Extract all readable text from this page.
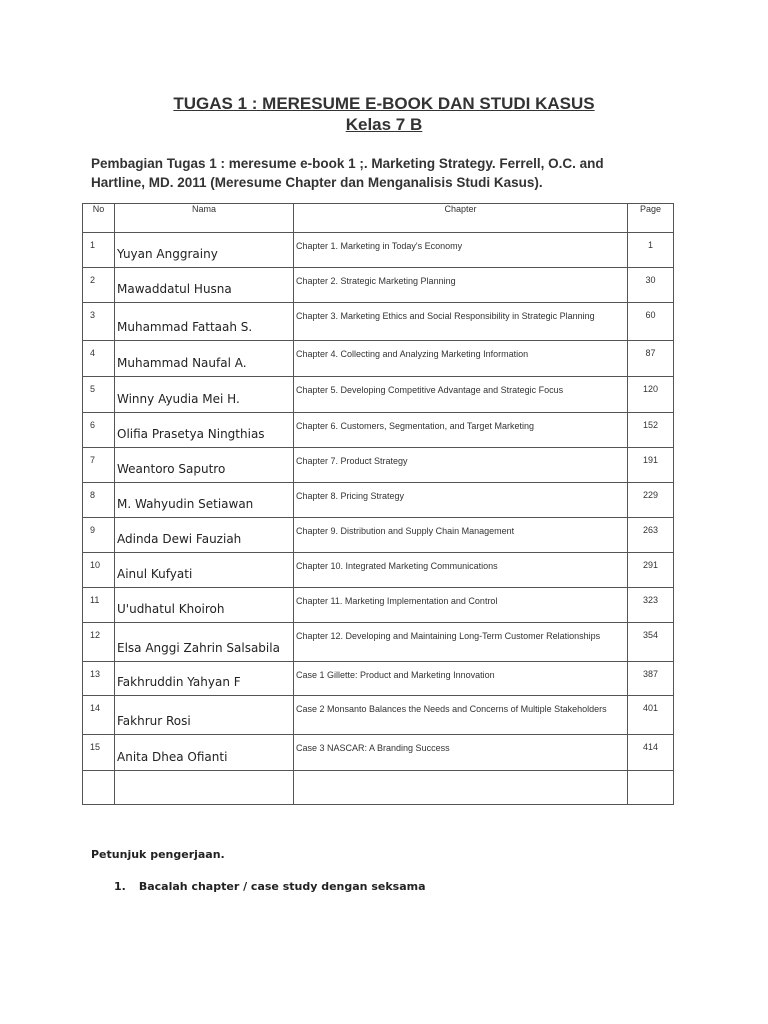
TUGAS 1 : MERESUME E-BOOK DAN STUDI KASUS
Kelas 7 B
Pembagian Tugas 1 : meresume e-book 1 ;. Marketing Strategy. Ferrell, O.C. and
Hartline, MD. 2011 (Meresume Chapter dan Menganalisis Studi Kasus).
No	Nama	Chapter	Page
1	Yuyan Anggrainy	Chapter 1. Marketing in Today's Economy	1
2	Mawaddatul Husna	Chapter 2. Strategic Marketing Planning	30
3	Muhammad Fattaah S.	Chapter 3. Marketing Ethics and Social Responsibility in Strategic Planning	60
4	Muhammad Naufal A.	Chapter 4. Collecting and Analyzing Marketing Information	87
5	Winny Ayudia Mei H.	Chapter 5. Developing Competitive Advantage and Strategic Focus	120
6	Olifia Prasetya Ningthias	Chapter 6. Customers, Segmentation, and Target Marketing	152
7	Weantoro Saputro	Chapter 7. Product Strategy	191
8	M. Wahyudin Setiawan	Chapter 8. Pricing Strategy	229
9	Adinda Dewi Fauziah	Chapter 9. Distribution and Supply Chain Management	263
10	Ainul Kufyati	Chapter 10. Integrated Marketing Communications	291
11	U'udhatul Khoiroh	Chapter 11. Marketing Implementation and Control	323
12	Elsa Anggi Zahrin Salsabila	Chapter 12. Developing and Maintaining Long-Term Customer Relationships	354
13	Fakhruddin Yahyan F	Case 1 Gillette: Product and Marketing Innovation	387
14	Fakhrur Rosi	Case 2 Monsanto Balances the Needs and Concerns of Multiple Stakeholders	401
15	Anita Dhea Ofianti	Case 3 NASCAR: A Branding Success	414

Petunjuk pengerjaan.
1. Bacalah chapter / case study dengan seksama
